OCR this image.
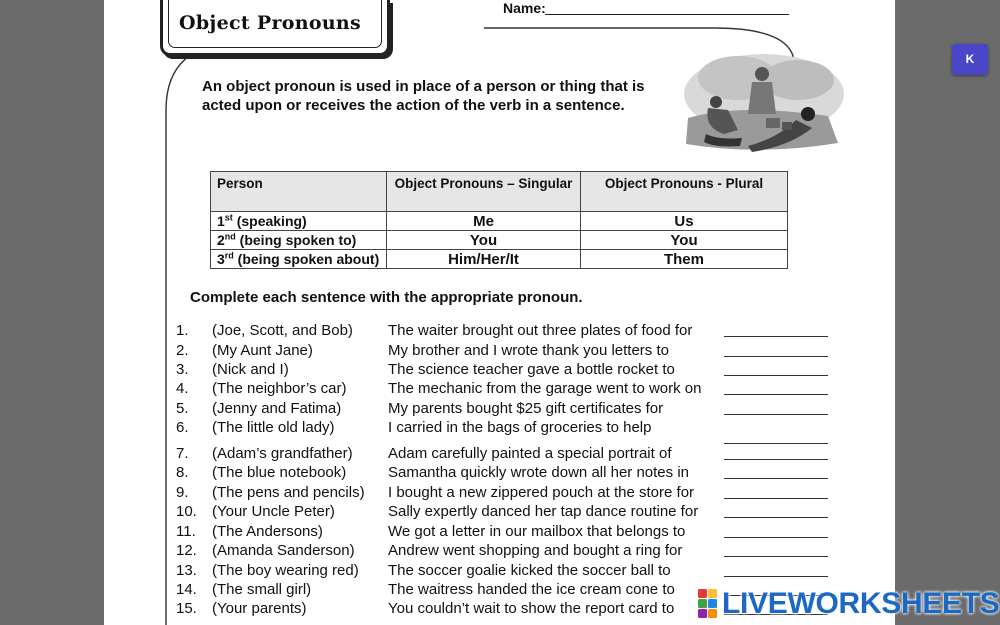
Object Pronouns
Name:
An object pronoun is used in place of a person or thing that is acted upon or receives the action of the verb in a sentence.
Person	Object Pronouns – Singular	Object Pronouns - Plural
1st (speaking)	Me	Us
2nd (being spoken to)	You	You
3rd (being spoken about)	Him/Her/It	Them
Complete each sentence with the appropriate pronoun.
1. (Joe, Scott, and Bob) The waiter brought out three plates of food for
2. (My Aunt Jane)	My brother and I wrote thank you letters to
3. (Nick and I)	The science teacher gave a bottle rocket to
4. (The neighbor’s car)	The mechanic from the garage went to work on
5. (Jenny and Fatima)	My parents bought $25 gift certificates for
6. (The little old lady)	I carried in the bags of groceries to help
7. (Adam’s grandfather) Adam carefully painted a special portrait of
8. (The blue notebook)	Samantha quickly wrote down all her notes in
9. (The pens and pencils) I bought a new zippered pouch at the store for
10. (Your Uncle Peter)	Sally expertly danced her tap dance routine for
11. (The Andersons)	We got a letter in our mailbox that belongs to
12. (Amanda Sanderson) Andrew went shopping and bought a ring for
13. (The boy wearing red) The soccer goalie kicked the soccer ball to
14. (The small girl)	The waitress handed the ice cream cone to
15. (Your parents)	You couldn’t wait to show the report card to
K
LIVEWORKSHEETS
